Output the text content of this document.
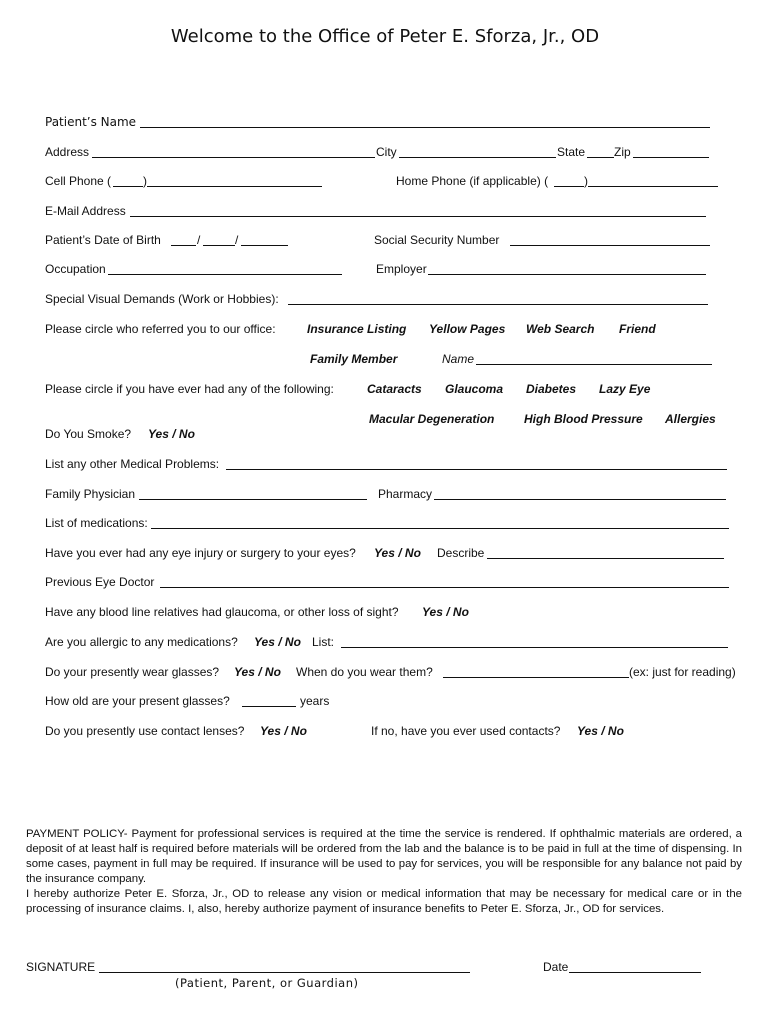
Welcome to the Office of Peter E. Sforza, Jr., OD
Patient’s Name
Address	City	State Zip
Cell Phone (	)	Home Phone (if applicable) (	)
E-Mail Address
Patient’s Date of Birth	/	/	Social Security Number
Occupation	Employer
Special Visual Demands (Work or Hobbies):
Please circle who referred you to our office:	Insurance Listing Yellow Pages Web Search Friend
Family Member	Name
Please circle if you have ever had any of the following:	Cataracts Glaucoma Diabetes Lazy Eye
Macular Degeneration High Blood Pressure Allergies
Do You Smoke? Yes / No
List any other Medical Problems:
Family Physician	Pharmacy
List of medications:
Have you ever had any eye injury or surgery to your eyes? Yes / No Describe
Previous Eye Doctor
Have any blood line relatives had glaucoma, or other loss of sight? Yes / No
Are you allergic to any medications? Yes / No List:
Do your presently wear glasses? Yes / No When do you wear them?	(ex: just for reading)
How old are your present glasses?	years
Do you presently use contact lenses? Yes / No	If no, have you ever used contacts? Yes / No

PAYMENT POLICY- Payment for professional services is required at the time the service is rendered. If ophthalmic materials are ordered, a deposit of at least half is required before materials will be ordered from the lab and the balance is to be paid in full at the time of dispensing. In some cases, payment in full may be required. If insurance will be used to pay for services, you will be responsible for any balance not paid by the insurance company.

I hereby authorize Peter E. Sforza, Jr., OD to release any vision or medical information that may be necessary for medical care or in the processing of insurance claims. I, also, hereby authorize payment of insurance benefits to Peter E. Sforza, Jr., OD for services.

SIGNATURE
(Patient, Parent, or Guardian)
Date
